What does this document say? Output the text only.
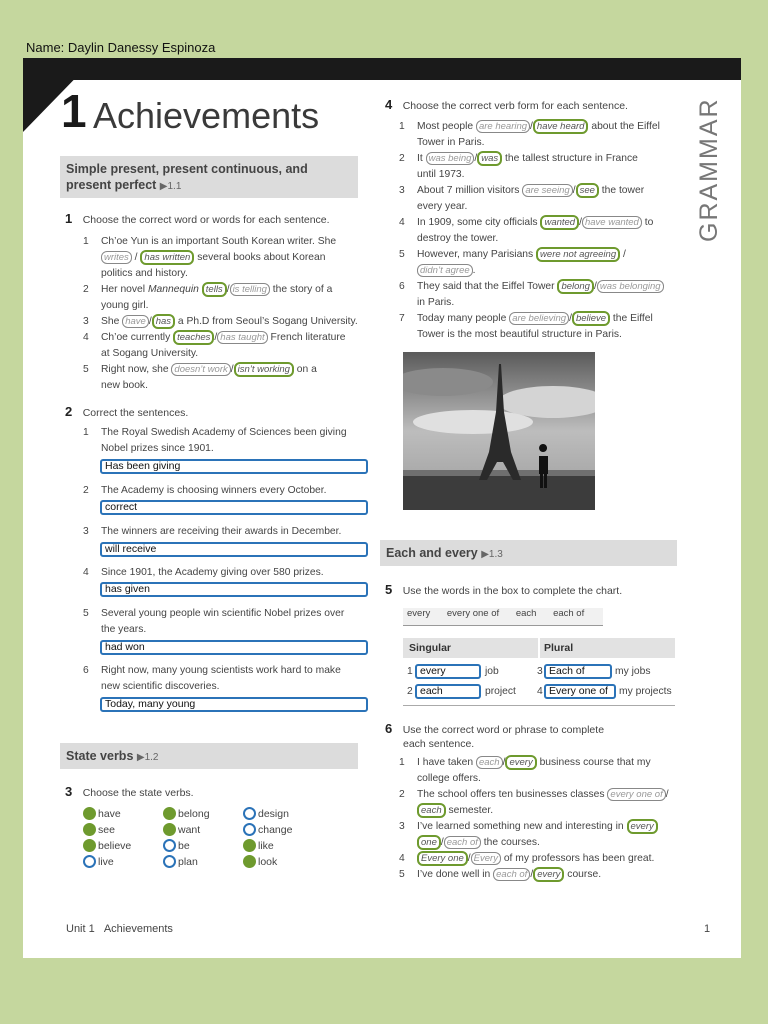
Name: Daylin Danessy Espinoza
1 Achievements	GRAMMAR
Simple present, present continuous, and
present perfect ▶1.1
1 Choose the correct word or words for each sentence.
1 Ch’oe Yun is an important South Korean writer. She
writes / has written several books about Korean
politics and history.
2 Her novel Mannequin tells / is telling the story of a
young girl.
3 She have / has a Ph.D from Seoul’s Sogang University.
4 Ch’oe currently teaches / has taught French literature
at Sogang University.
5 Right now, she doesn’t work / isn’t working on a
new book.
2 Correct the sentences.
1 The Royal Swedish Academy of Sciences been giving
Nobel prizes since 1901.
Has been giving
2 The Academy is choosing winners every October.
correct
3 The winners are receiving their awards in December.
will receive
4 Since 1901, the Academy giving over 580 prizes.
has given
5 Several young people win scientific Nobel prizes over
the years.
had won
6 Right now, many young scientists work hard to make
new scientific discoveries.
Today, many young
State verbs ▶1.2
3 Choose the state verbs.
have	belong	design
see	want	change
believe	be	like
live	plan	look
4 Choose the correct verb form for each sentence.
1 Most people are hearing / have heard about the Eiffel
Tower in Paris.
2 It was being / was the tallest structure in France
until 1973.
3 About 7 million visitors are seeing / see the tower
every year.
4 In 1909, some city officials wanted / have wanted to
destroy the tower.
5 However, many Parisians were not agreeing /
didn’t agree .
6 They said that the Eiffel Tower belong / was belonging
in Paris.
7 Today many people are believing / believe the Eiffel
Tower is the most beautiful structure in Paris.
Each and every ▶1.3
5 Use the words in the box to complete the chart.
every every one of each each of
Singular	Plural
1 every	job	3 Each of	my jobs
2 each	project 4 Every one of	my projects
6 Use the correct word or phrase to complete
each sentence.
1 I have taken each / every business course that my
college offers.
2 The school offers ten businesses classes every one of /
each semester.
3 I’ve learned something new and interesting in every
one / each of the courses.
4 Every one / Every of my professors has been great.
5 I’ve done well in each of / every course.
Unit 1 Achievements	1
